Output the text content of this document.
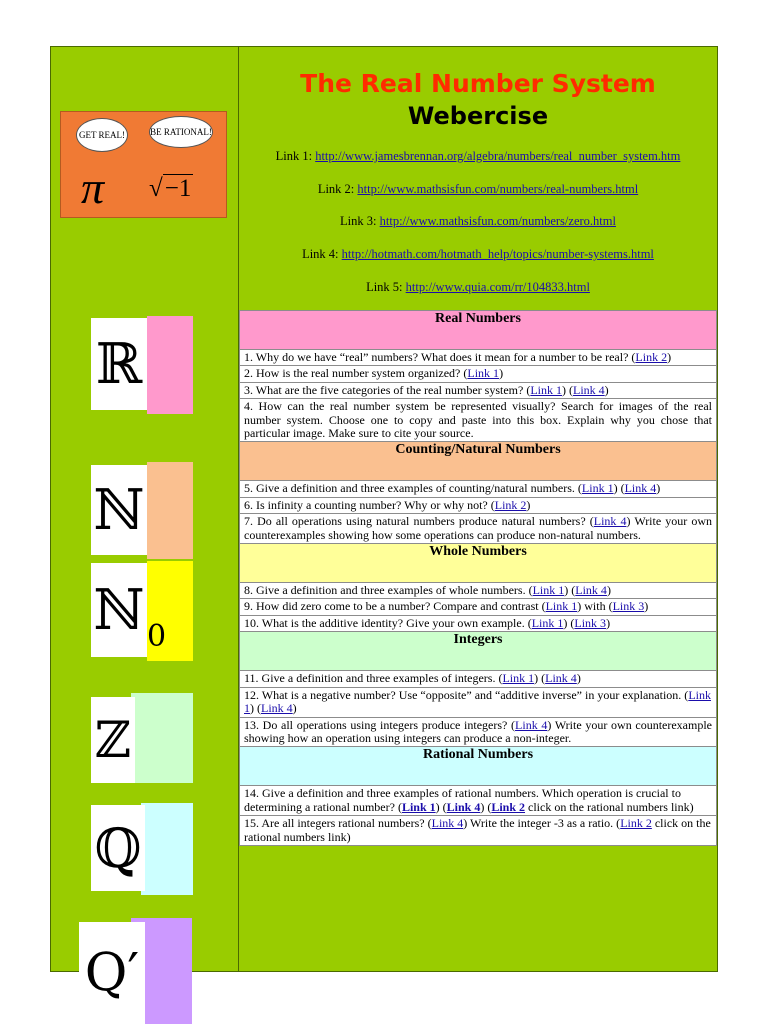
GET REAL!	BE RATIONAL!
π √−1
ℝ
ℕ
ℕ 0
ℤ
ℚ
The Real Number System
Webercise

Link 1: http://www.jamesbrennan.org/algebra/numbers/real_number_system.htm

Link 2: http://www.mathsisfun.com/numbers/real-numbers.html

Link 3: http://www.mathsisfun.com/numbers/zero.html

Link 4: http://hotmath.com/hotmath_help/topics/number-systems.html

Link 5: http://www.quia.com/rr/104833.html

Real Numbers
1. Why do we have “real” numbers? What does it mean for a number to be real? (Link 2)
2. How is the real number system organized? (Link 1)
3. What are the five categories of the real number system? (Link 1) (Link 4)
4. How can the real number system be represented visually? Search for images of the real number system. Choose one to copy and paste into this box. Explain why you chose that particular image. Make sure to cite your source.
Counting/Natural Numbers
5. Give a definition and three examples of counting/natural numbers. (Link 1) (Link 4)
6. Is infinity a counting number? Why or why not? (Link 2)
7. Do all operations using natural numbers produce natural numbers? (Link 4) Write your own counterexamples showing how some operations can produce non-natural numbers.
Whole Numbers
8. Give a definition and three examples of whole numbers. (Link 1) (Link 4)
9. How did zero come to be a number? Compare and contrast (Link 1) with (Link 3)
10. What is the additive identity? Give your own example. (Link 1) (Link 3)
Integers
11. Give a definition and three examples of integers. (Link 1) (Link 4)
12. What is a negative number? Use “opposite” and “additive inverse” in your explanation. (Link 1) (Link 4)
13. Do all operations using integers produce integers? (Link 4) Write your own counterexample showing how an operation using integers can produce a non-integer.
Rational Numbers
14. Give a definition and three examples of rational numbers. Which operation is crucial to determining a rational number? (Link 1) (Link 4) (Link 2 click on the rational numbers link)
15. Are all integers rational numbers? (Link 4) Write the integer -3 as a ratio. (Link 2 click on the rational numbers link)
Q′
